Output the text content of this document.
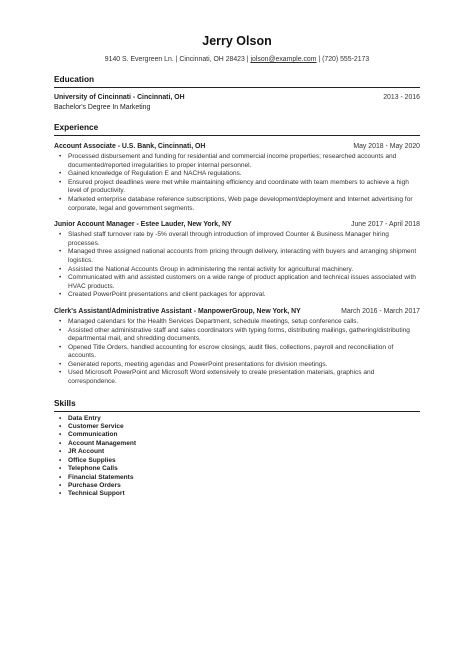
Jerry Olson
9140 S. Evergreen Ln. | Cincinnati, OH 28423 | jolson@example.com | (720) 555-2173
Education
University of Cincinnati - Cincinnati, OH	2013 - 2016
Bachelor's Degree In Marketing
Experience
Account Associate - U.S. Bank, Cincinnati, OH	May 2018 - May 2020
• Processed disbursement and funding for residential and commercial income properties; researched accounts and documented/reported irregularities to proper internal personnel.
• Gained knowledge of Regulation E and NACHA regulations.
• Ensured project deadlines were met while maintaining efficiency and coordinate with team members to achieve a high level of productivity.
• Marketed enterprise database reference subscriptions, Web page development/deployment and Internet advertising for corporate, legal and government segments.
Junior Account Manager - Estee Lauder, New York, NY	June 2017 - April 2018
• Slashed staff turnover rate by -5% overall through introduction of improved Counter & Business Manager hiring processes.
• Managed three assigned national accounts from pricing through delivery, interacting with buyers and arranging shipment logistics.
• Assisted the National Accounts Group in administering the rental activity for agricultural machinery.
• Communicated with and assisted customers on a wide range of product application and technical issues associated with HVAC products.
• Created PowerPoint presentations and client packages for approval.
Clerk's Assistant/Administrative Assistant - ManpowerGroup, New York, NY	March 2016 - March 2017
• Managed calendars for the Health Services Department, schedule meetings, setup conference calls.
• Assisted other administrative staff and sales coordinators with typing forms, distributing mailings, gathering/distributing departmental mail, and shredding documents.
• Opened Title Orders, handled accounting for escrow closings, audit files, collections, payroll and reconciliation of accounts.
• Generated reports, meeting agendas and PowerPoint presentations for division meetings.
• Used Microsoft PowerPoint and Microsoft Word extensively to create presentation materials, graphics and correspondence.
Skills
• Data Entry
• Customer Service
• Communication
• Account Management
• JR Account
• Office Supplies
• Telephone Calls
• Financial Statements
• Purchase Orders
• Technical Support
